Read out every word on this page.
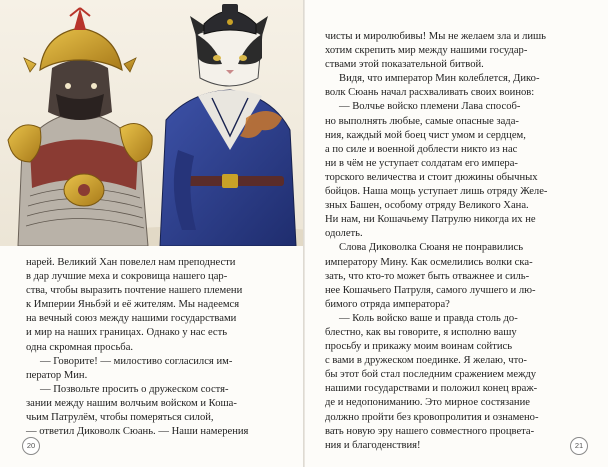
нарей. Великий Хан повелел нам преподнести
в дар лучшие меха и сокровища нашего цар-
ства, чтобы выразить почтение нашего племени
к Империи Яньбэй и её жителям. Мы надеемся
на вечный союз между нашими государствами
и мир на наших границах. Однако у нас есть
одна скромная просьба.

— Говорите! — милостиво согласился им-
ператор Мин.

— Позвольте просить о дружеском состя-
зании между нашим волчьим войском и Коша-
чьим Патрулём, чтобы померяться силой,
— ответил Диковолк Сюань. — Наши намерения

20	21

чисты и миролюбивы! Мы не желаем зла и лишь
хотим скрепить мир между нашими государ-
ствами этой показательной битвой.

Видя, что император Мин колеблется, Дико-
волк Сюань начал расхваливать своих воинов:

— Волчье войско племени Лава способ-
но выполнять любые, самые опасные зада-
ния, каждый мой боец чист умом и сердцем,
а по силе и военной доблести никто из нас
ни в чём не уступает солдатам его импера-
торского величества и стоит дюжины обычных
бойцов. Наша мощь уступает лишь отряду Желе-
зных Башен, особому отряду Великого Хана.
Ни нам, ни Кошачьему Патрулю никогда их не
одолеть.

Слова Диковолка Сюаня не понравились
императору Мину. Как осмелились волки ска-
зать, что кто-то может быть отважнее и силь-
нее Кошачьего Патруля, самого лучшего и лю-
бимого отряда императора?

— Коль войско ваше и правда столь до-
блестно, как вы говорите, я исполню вашу
просьбу и прикажу моим воинам сойтись
с вами в дружеском поединке. Я желаю, что-
бы этот бой стал последним сражением между
нашими государствами и положил конец враж-
де и недопониманию. Это мирное состязание
должно пройти без кровопролития и ознамено-
вать новую эру нашего совместного процвета-
ния и благоденствия!
